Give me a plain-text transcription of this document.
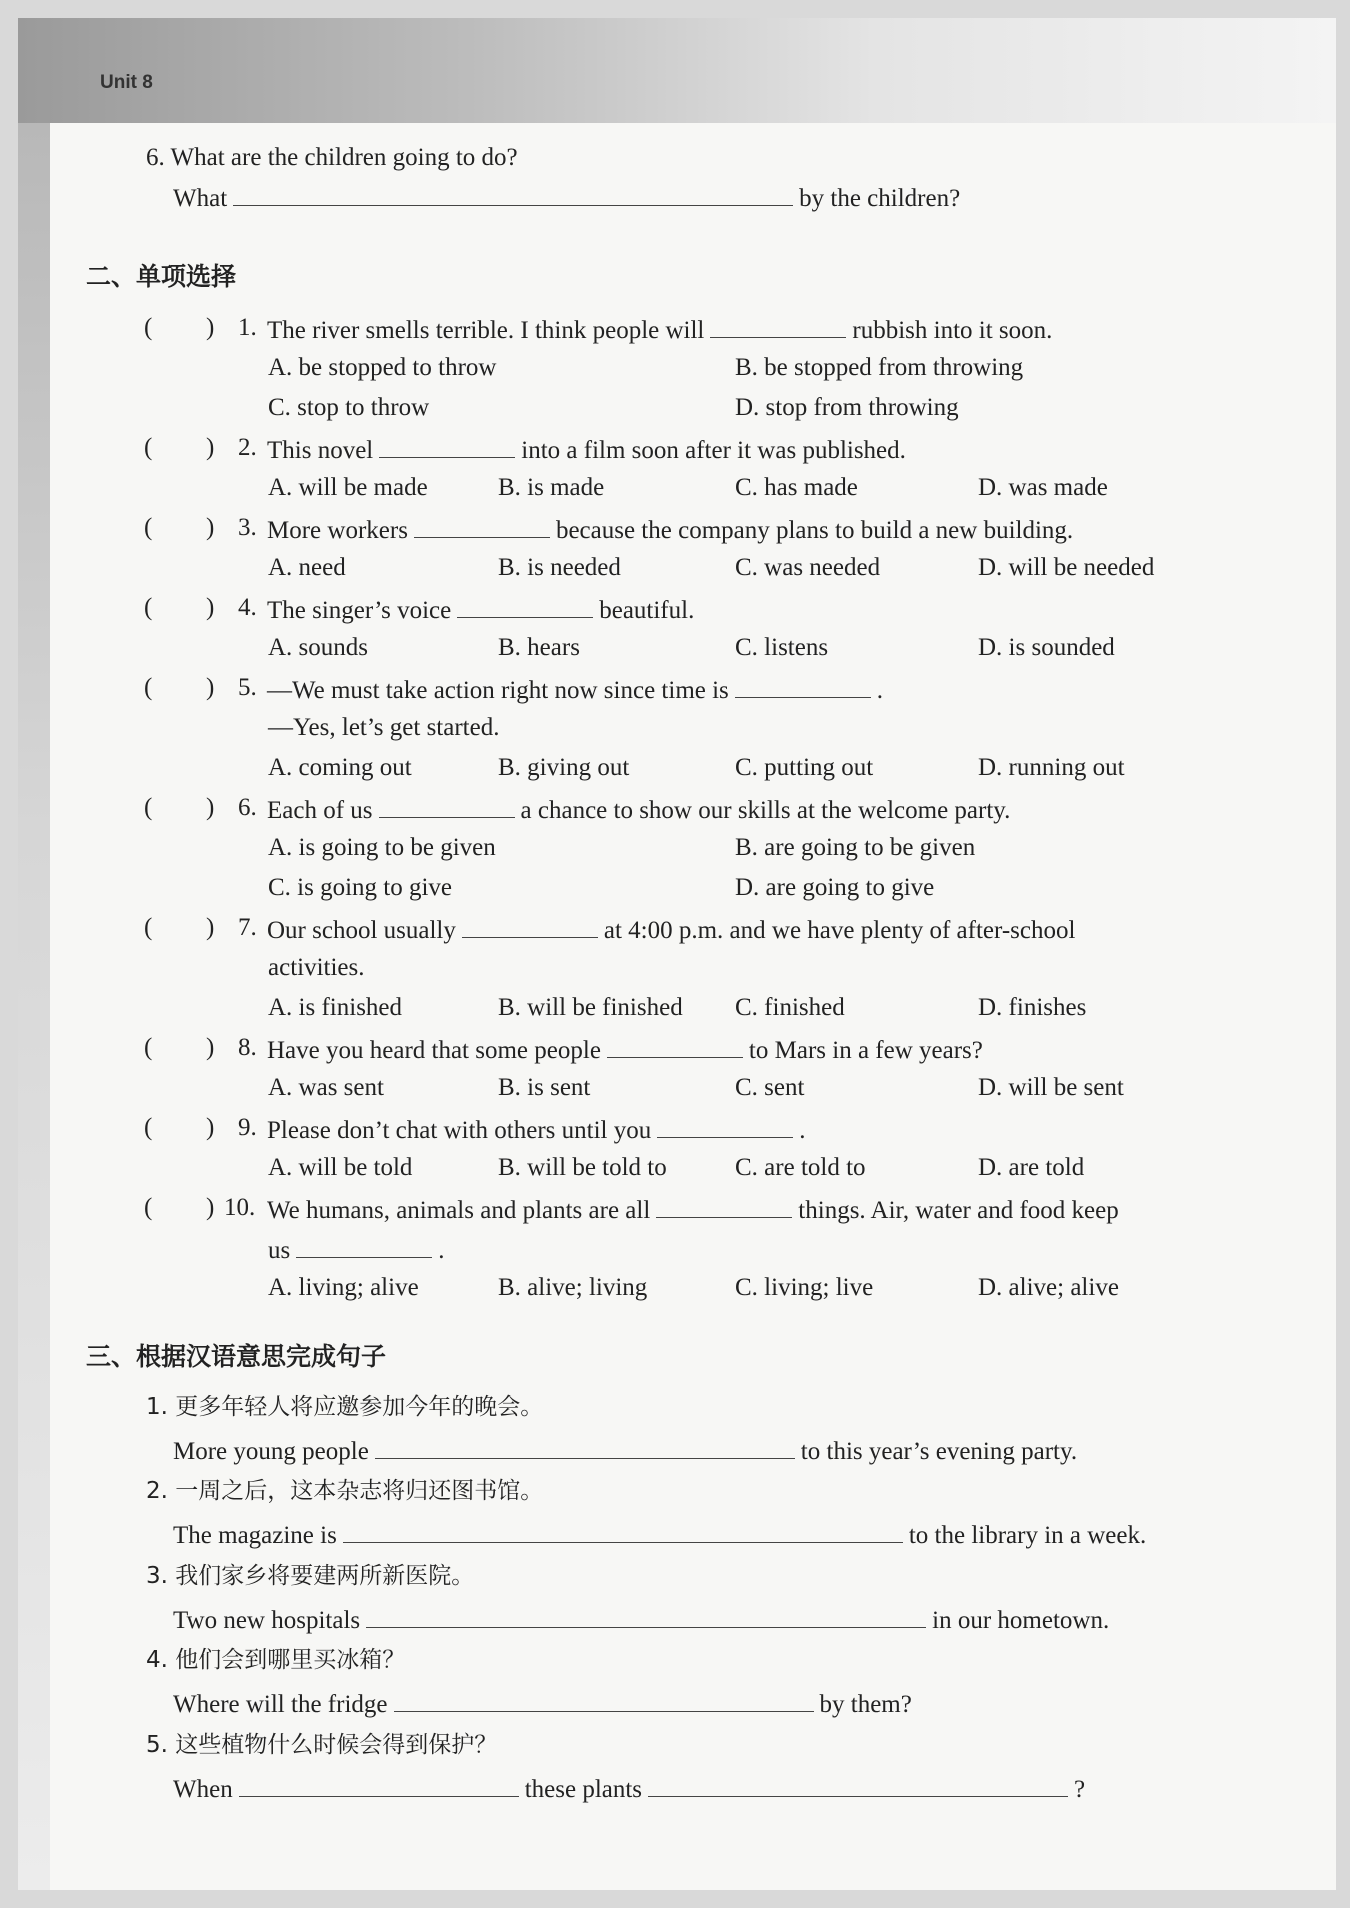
Unit 8
6. What are the children going to do?
What	by the children?
二、单项选择
( ) 1. The river smells terrible. I think people will	rubbish into it soon.
A. be stopped to throw	B. be stopped from throwing
C. stop to throw	D. stop from throwing
( ) 2. This novel	into a film soon after it was published.
A. will be made	B. is made	C. has made	D. was made
( ) 3. More workers	because the company plans to build a new building.
A. need	B. is needed	C. was needed	D. will be needed
( ) 4. The singer’s voice	beautiful.
A. sounds	B. hears	C. listens	D. is sounded
( ) 5. —We must take action right now since time is	.
—Yes, let’s get started.
A. coming out	B. giving out	C. putting out	D. running out
( ) 6. Each of us	a chance to show our skills at the welcome party.
A. is going to be given	B. are going to be given
C. is going to give	D. are going to give
( ) 7. Our school usually	at 4:00 p.m. and we have plenty of after-school
activities.
A. is finished	B. will be finished C. finished	D. finishes
( ) 8. Have you heard that some people	to Mars in a few years?
A. was sent	B. is sent	C. sent	D. will be sent
( ) 9. Please don’t chat with others until you	.
A. will be told	B. will be told to	C. are told to	D. are told
( ) 10. We humans, animals and plants are all	things. Air, water and food keep
us	.
A. living; alive	B. alive; living	C. living; live	D. alive; alive
三、根据汉语意思完成句子
1. 更多年轻人将应邀参加今年的晚会。
More young people	to this year’s evening party.
2. 一周之后，这本杂志将归还图书馆。
The magazine is	to the library in a week.
3. 我们家乡将要建两所新医院。
Two new hospitals	in our hometown.
4. 他们会到哪里买冰箱？
Where will the fridge	by them?
5. 这些植物什么时候会得到保护？
When	these plants	?
